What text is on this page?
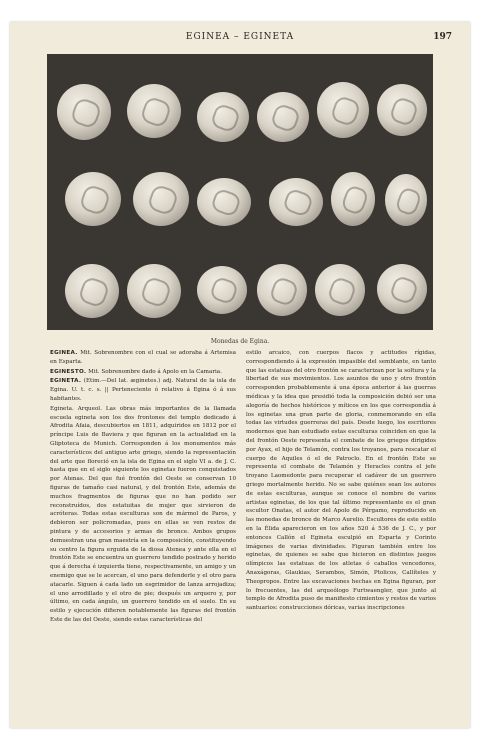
EGINEA – EGINETA	197
Monedas de Egina.

EGINEA. Mit. Sobrenombre con el cual se adoraba á Artemisa en Esparta.

EGINESTO. Mit. Sobrenombre dado á Apolo en la Camaria.

EGINETA. (Etim.—Del lat. æginetes.) adj. Natural de la isla de Egina. U. t. c. s. || Perteneciente ó relativo á Egina ó á sus habitantes.

Eginetа. Arqueol. Las obras más importantes de la llamada escuela egineta son los dos frontones del templo dedicado á Afrodita Afaia, descubiertos en 1811, adquiridos en 1812 por el príncipe Luis de Baviera y que figuran en la actualidad en la Gliptoteca de Munich. Corresponden á los monumentos más característicos del antiguo arte griego, siendo la representación del arte que floreció en la isla de Egina en el siglo VI a. de J. C. hasta que en el siglo siguiente los eginetas fueron conquistados por Atenas. Del que fué frontón del Oeste se conservan 10 figuras de tamaño casi natural, y del frontón Este, además de muchos fragmentos de figuras que no han podido ser reconstruídos, dos estatuitas de mujer que sirvieron de acróteras. Todas estas esculturas son de mármol de Paros, y debieron ser policromadas, pues en ellas se ven restos de pintura y de accesorios y armas de bronce. Ambos grupos demuestran una gran maestría en la composición, constituyendo su centro la figura erguida de la diosa Atenea y ante ella en el frontón Este se encuentra un guerrero tendido postrado y herido que á derecha é izquierda tiene, respectivamente, un amigo y un enemigo que se le acercan, el uno para defenderle y el otro para atacarle. Siguen á cada lado un esgrimidor de lanza arrojadiza; el uno arrodillado y el otro de pie; después un arquero y, por último, en cada ángulo, un guerrero tendido en el suelo. En su estilo y ejecución difieren notablemente las figuras del frontón Este de las del Oeste, siendo estas características del

estilo arcaico, con cuerpos flacos y actitudes rígidas, correspondiendo á la expresión impasible del semblante, en tanto que las estatuas del otro frontón se caracterizan por la soltura y la libertad de sus movimientos. Los asuntos de uno y otro frontón corresponden probablemente á una época anterior á las guerras médicas y la idea que presidió toda la composición debió ser una alegoría de hechos históricos y míticos en los que correspondía á los eginetas una gran parte de gloria, conmemorando en ella todas las virtudes guerreras del país. Desde luego, los escritores modernos que han estudiado estas esculturas coinciden en que la del frontón Oeste representa el combate de los griegos dirigidos por Ayax, el hijo de Telamón, contra los troyanos, para rescatar el cuerpo de Aquiles ó el de Patroclo. En el frontón Este se representa el combate de Telamón y Heracles contra el jefe troyano Laomedonte para recuperar el cadáver de un guerrero griego mortalmente herido. No se sabe quiénes sean los autores de estas esculturas, aunque se conoce el nombre de varios artistas eginetas, de los que tal último representante es el gran escultor Onatas, el autor del Apolo de Pérgamo, reproducido en las monedas de bronce de Marco Aurelio. Escultores de este estilo en la Élida aparecieron en los años 520 á 536 de J. C., y por entonces Callón el Egineta esculpió en Esparta y Corinto imágenes de varias divinidades. Figuran también entre los eginetas, de quienes se sabe que hicieron en distintos juegos olímpicos las estatuas de los atletas ó caballos vencedores, Anaxágoras, Glaukias, Serambos, Simón, Ptolicos, Callíteles y Theopropos. Entre las excavaciones hechas en Egina figuran, por lo frecuentes, las del arqueólogo Furtwaengler, que junto al templo de Afrodita puso de manifiesto cimientos y restos de varios santuarios: construcciones dóricas, varias inscripciones
